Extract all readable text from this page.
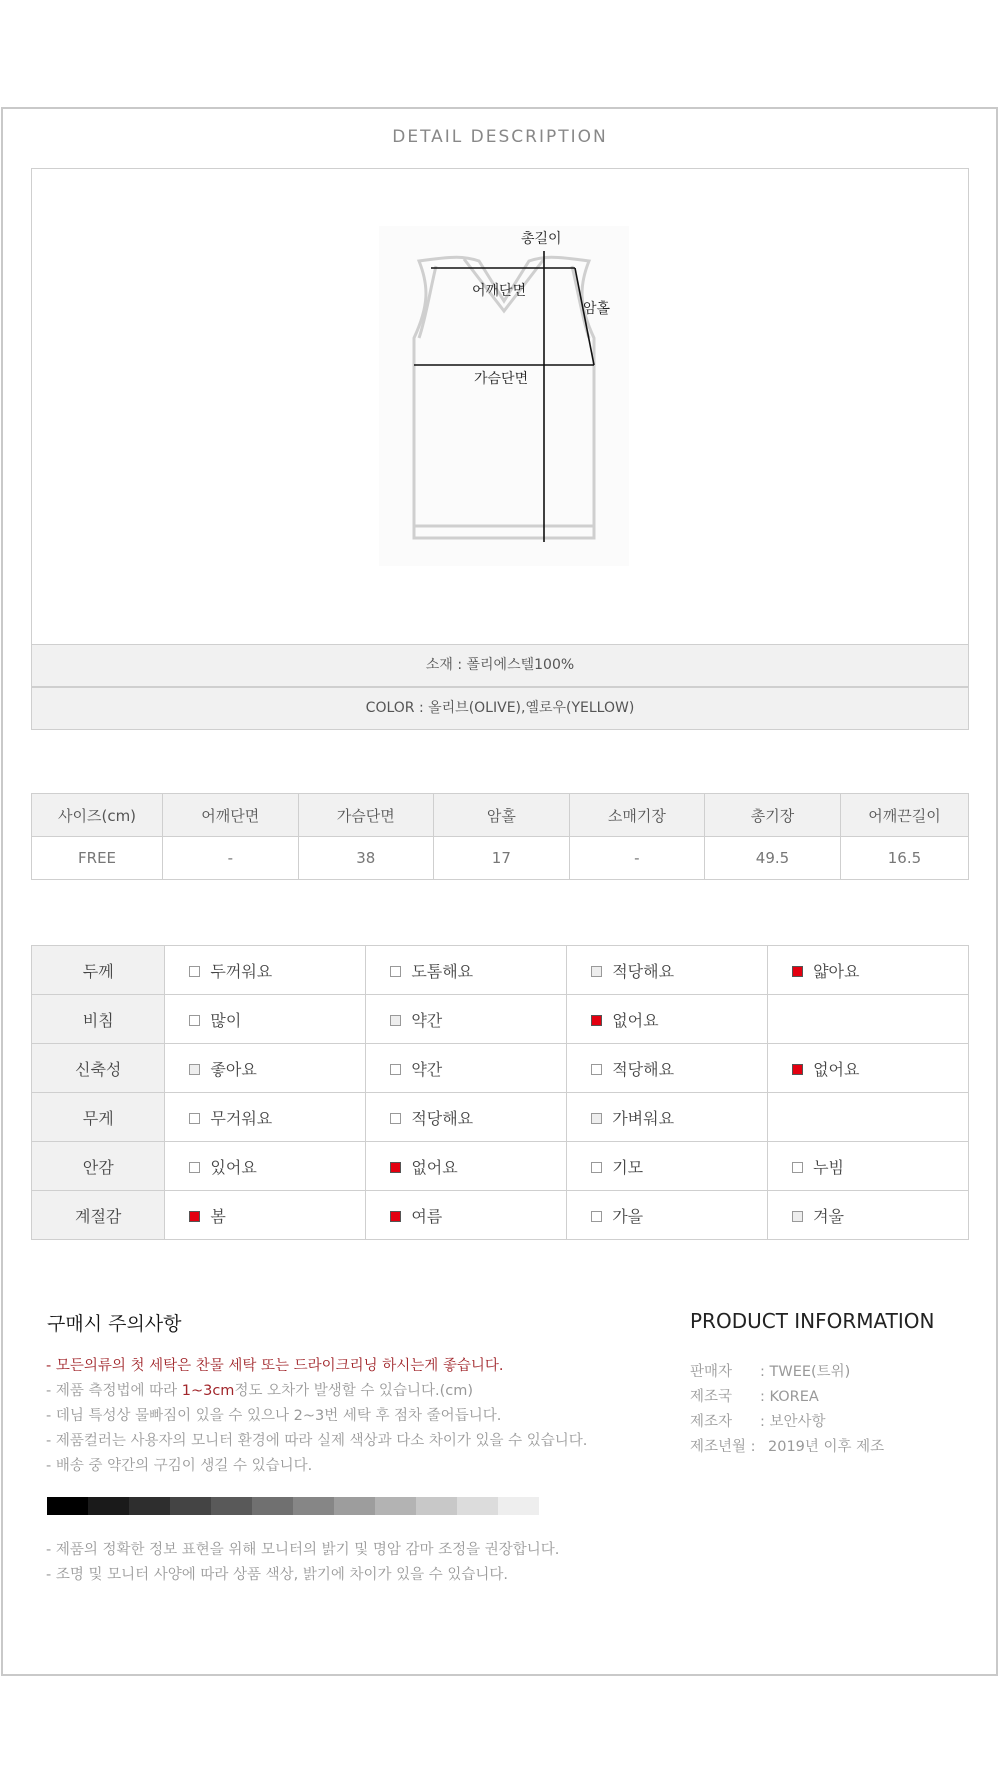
DETAIL DESCRIPTION
총길이
어깨단면
암홀
가슴단면
소재 : 폴리에스텔100%
COLOR : 올리브(OLIVE),옐로우(YELLOW)
사이즈(cm)	어깨단면	가슴단면	암홀	소매기장	총기장	어깨끈길이
FREE	-	38	17	-	49.5	16.5
두께	두꺼워요	도톰해요	적당해요	얇아요
비침	많이	약간	없어요	
신축성	좋아요	약간	적당해요	없어요
무게	무거워요	적당해요	가벼워요	
안감	있어요	없어요	기모	누빔
계절감	봄	여름	가을	겨울
구매시 주의사항
- 모든의류의 첫 세탁은 찬물 세탁 또는 드라이크리닝 하시는게 좋습니다.
- 제품 측정법에 따라 1~3cm정도 오차가 발생할 수 있습니다.(cm)
- 데님 특성상 물빠짐이 있을 수 있으나 2~3번 세탁 후 점차 줄어듭니다.
- 제품컬러는 사용자의 모니터 환경에 따라 실제 색상과 다소 차이가 있을 수 있습니다.
- 배송 중 약간의 구김이 생길 수 있습니다.
- 제품의 정확한 정보 표현을 위해 모니터의 밝기 및 명암 감마 조정을 권장합니다.
- 조명 및 모니터 사양에 따라 상품 색상, 밝기에 차이가 있을 수 있습니다.
PRODUCT INFORMATION
판매자 : TWEE(트위)
제조국 : KOREA
제조자 : 보안사항
제조년월 : 2019년 이후 제조
